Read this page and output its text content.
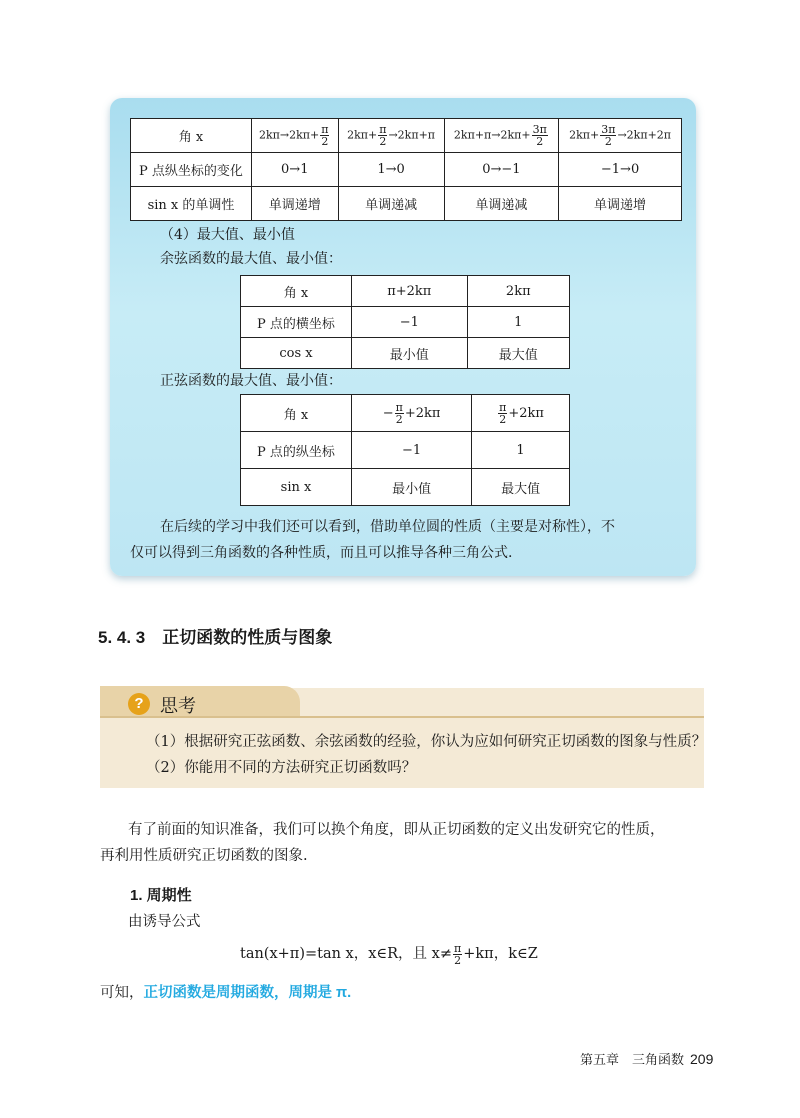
角 x	$2k\pi\to 2k\pi+ \frac{\pi}{2}$	$2k\pi+ \frac{\pi}{2} \to 2k\pi+\pi$	$2k\pi+\pi\to 2k\pi+ \frac{3\pi}{2}$	$2k\pi+ \frac{3\pi}{2} \to 2k\pi+2\pi$
P 点纵坐标的变化	0→1	1→0	0→−1	−1→0
sin x 的单调性	单调递增	单调递减	单调递减	单调递增
（4）最大值、最小值
余弦函数的最大值、最小值：
角 x	π+2kπ	2kπ
P 点的横坐标	−1	1
cos x	最小值	最大值
正弦函数的最大值、最小值：
角 x	− $\frac{\pi}{2} +2k\pi$	$\frac{\pi}{2} +2k\pi$
P 点的纵坐标	−1	1
sin x	最小值	最大值
在后续的学习中我们还可以看到，借助单位圆的性质（主要是对称性），不
仅可以得到三角函数的各种性质，而且可以推导各种三角公式.
5. 4. 3　正切函数的性质与图象
? 思考
（1）根据研究正弦函数、余弦函数的经验，你认为应如何研究正切函数的图象与性质？
（2）你能用不同的方法研究正切函数吗？
有了前面的知识准备，我们可以换个角度，即从正切函数的定义出发研究它的性质，
再利用性质研究正切函数的图象.
1. 周期性
由诱导公式
tan(x+π)=tan x，x∈R，且 $x\ne \frac{\pi}{2} +k\pi$，k∈Z
可知，正切函数是周期函数，周期是 π.
第五章　三角函数 209
